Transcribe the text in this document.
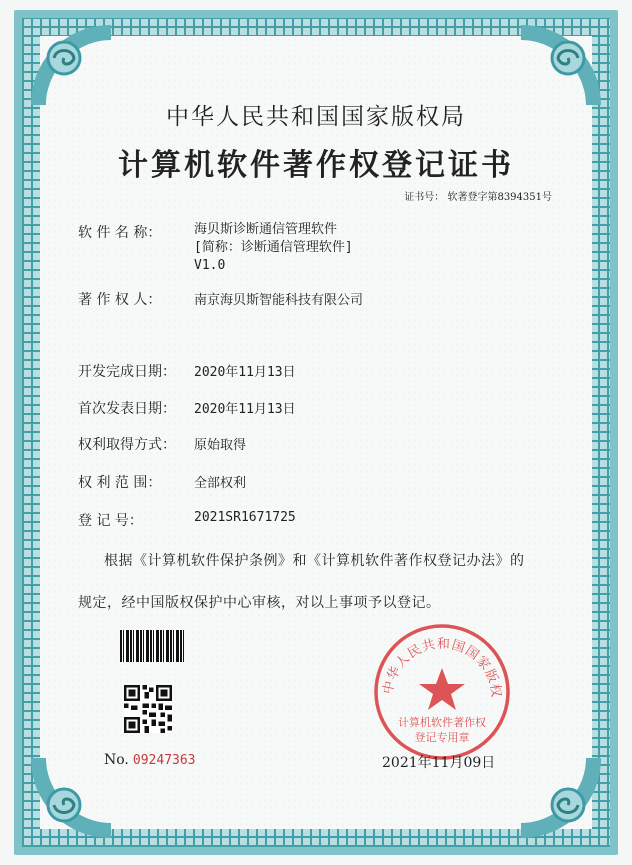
中华人民共和国国家版权局
计算机软件著作权登记证书
证书号： 软著登字第8394351号
软 件 名 称：	海贝斯诊断通信管理软件
[简称：诊断通信管理软件]
V1.0
著 作 权 人：	南京海贝斯智能科技有限公司
开发完成日期： 2020年11月13日
首次发表日期： 2020年11月13日
权利取得方式： 原始取得
权 利 范 围：	全部权利
登 记 号：	2021SR1671725
根据《计算机软件保护条例》和《计算机软件著作权登记办法》的
规定，经中国版权保护中心审核，对以上事项予以登记。
No. 09247363
中华人民共和国国家版权
计算机软件著作权
登记专用章
2021年11月09日
